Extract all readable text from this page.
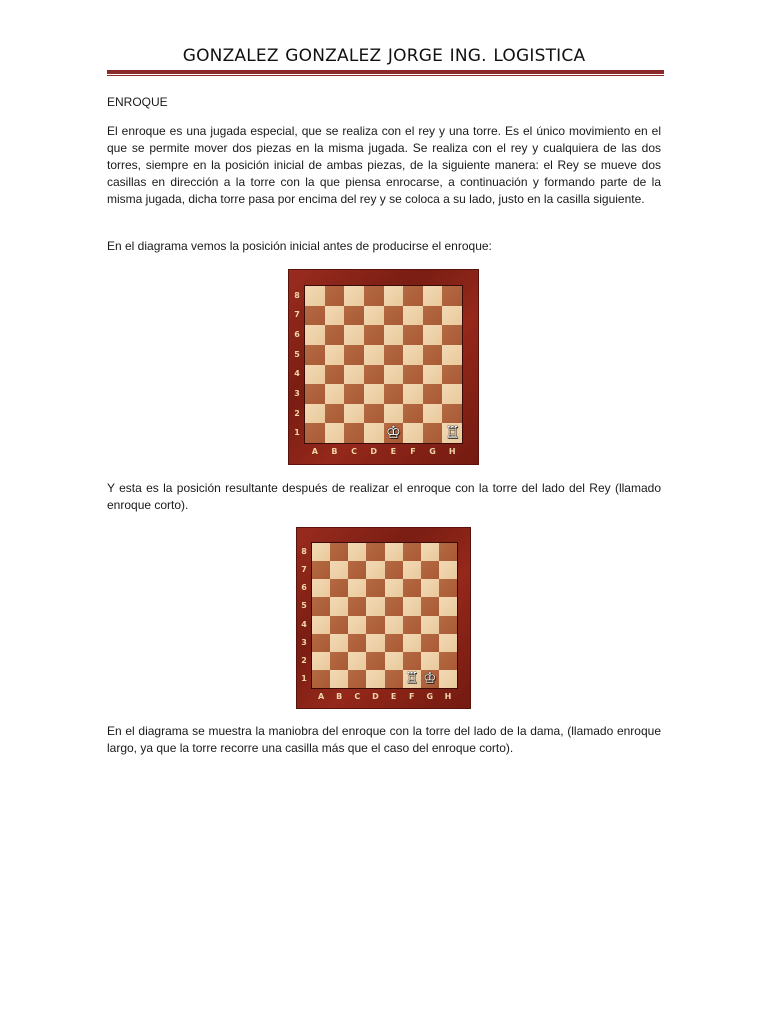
GONZALEZ GONZALEZ JORGE ING. LOGISTICA

ENROQUE

El enroque es una jugada especial, que se realiza con el rey y una torre. Es el único movimiento en el que se permite mover dos piezas en la misma jugada. Se realiza con el rey y cualquiera de las dos torres, siempre en la posición inicial de ambas piezas, de la siguiente manera: el Rey se mueve dos casillas en dirección a la torre con la que piensa enrocarse, a continuación y formando parte de la misma jugada, dicha torre pasa por encima del rey y se coloca a su lado, justo en la casilla siguiente.

En el diagrama vemos la posición inicial antes de producirse el enroque:

♔	♖
8
7
6
5
4
3
2
1
A	B	C	D	E	F	G	H

Y esta es la posición resultante después de realizar el enroque con la torre del lado del Rey (llamado enroque corto).

♖ ♔
8
7
6
5
4
3
2
1
A	B	C	D	E	F	G	H

En el diagrama se muestra la maniobra del enroque con la torre del lado de la dama, (llamado enroque largo, ya que la torre recorre una casilla más que el caso del enroque corto).
